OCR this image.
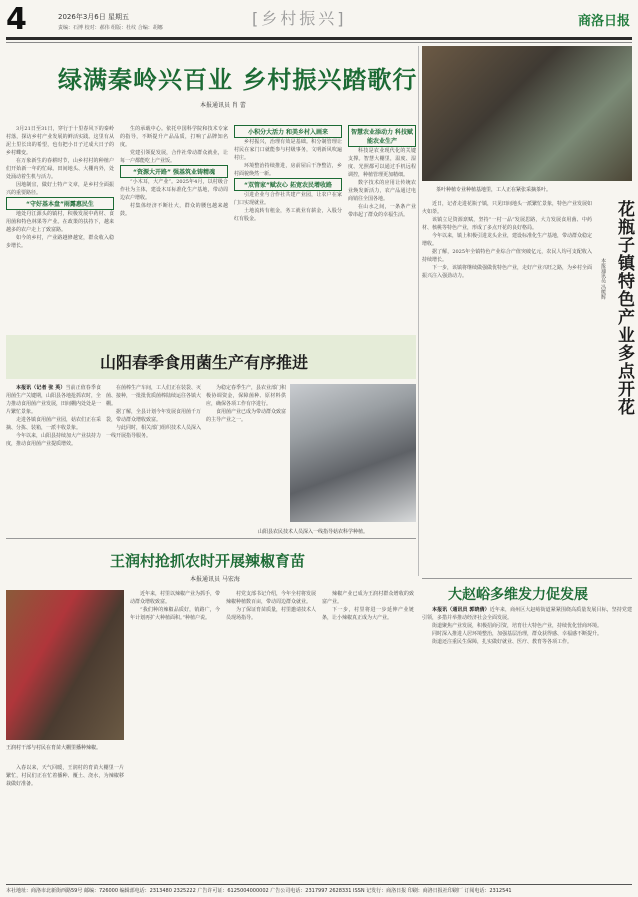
4	2026年3月6日 星期五
责编：石博 校对：郝伟 组版：杜纹 合编：胡娜	[乡村振兴]	商洛日报
绿满秦岭兴百业 乡村振兴踏歌行
本报通讯员 肖 蕾

3月21日至31日，穿行于十里春风下的秦岭村落，探访乡村产业发展的鲜活实践。这里有从泥土里长出的希望，也有把小日子过成大日子的乡村蝶变。

在万象新生的春耕时节，山乡村村的种植户们开始新一年的忙碌。田间地头、大棚内外，处处涌动着生机与活力。

因地制宜，做好土特产文章，是乡村全面振兴的重要路径。

“守好基本盘”雨露惠民生

地处丹江源头的镇村，积极发展中药材、食用菌和特色林果等产业。在政策的扶持下，越来越多的农户走上了致富路。

如今的乡村，产业路越修越宽，群众收入稳步增长。

生的承载中心。依托中国科学院和技术专家的指导，不断提升产品品质，打响了品牌知名度。

党建引领促发展，合作社带动群众就业，让每一户都能吃上产业饭。

“资源大开路” 强基筑业铸精魂

“小木耳，大产业”。2025年4月，以村级合作社为主体，建设木耳标准化生产基地，带动周边农户增收。

村集体经济不断壮大，群众的腰包越来越鼓。

小积分大活力 和美乡村入画来

乡村振兴，治理有效是基础。积分制管理让村民在家门口就能参与村级事务，文明新风吹遍村庄。

环境整治持续推进，房前屋后干净整洁，乡村面貌焕然一新。

“双管家”赋农心 拓宽农民增收路

引进企业与合作社共建产业园，让农户在家门口实现就业。

土地流转有租金，务工就业有薪金，入股分红有股金。

智慧农业添动力 科技赋能农业生产

科技是农业现代化的关键支撑。智慧大棚里，温度、湿度、光照都可以通过手机远程调控，种植管理更加精细。

数字技术的应用让传统农业焕发新活力，农产品通过电商销往全国各地。

在山水之间，一条条产业带串起了群众的幸福生活。

茶叶种植专业种植基地里，工人正在紧张采摘茶叶。
花瓶子镇特色产业多点开花
本报通讯员 冯熊辉

近日，记者走进花瓶子镇，只见田间地头一派繁忙景象，特色产业发展如火如荼。

该镇立足资源禀赋，坚持“一村一品”发展思路，大力发展食用菌、中药材、核桃等特色产业，形成了多点开花的良好格局。

今年以来，镇上积极引进龙头企业，建设标准化生产基地，带动群众稳定增收。

据了解，2025年全镇特色产业综合产值突破亿元，农民人均可支配收入持续增长。

下一步，该镇将继续做强做优特色产业，走好产业兴旺之路，为乡村全面振兴注入强劲动力。

山阳春季食用菌生产有序推进

本报讯（记者 张 英）当前正值春季食用菌生产关键期，山阳县各地抢抓农时，全力推动食用菌产业发展，田间棚内处处是一片繁忙景象。

走进各镇食用菌产业园，菇农们正在采摘、分拣、装箱，一派丰收景象。

今年以来，山阳县持续加大产业扶持力度，推动食用菌产业提质增效。

在菌棒生产车间，工人们正在装袋、灭菌、接种，一批批优质菌棒陆续运往各镇大棚。

据了解，全县计划今年发展食用菌千万袋，带动群众增收致富。

与此同时，相关部门组织技术人员深入一线开展指导服务。

为稳定春季生产，县农业部门积极协调资金，保障菌种、原材料供应，确保各项工作有序进行。

食用菌产业已成为带动群众致富的主导产业之一。

山阳县农民技术人员深入一线指导菇农科学种植。
大赵峪多维发力促发展

本报讯（通讯员 郭晓倩）近年来，商州区大赵峪街道紧紧围绕高质量发展目标，坚持党建引领，多措并举推动经济社会全面发展。

街道聚焦产业发展，积极招商引资，培育壮大特色产业，持续优化营商环境。

同时深入推进人居环境整治，加强基层治理，群众获得感、幸福感不断提升。

街道还注重民生保障，扎实做好就业、医疗、教育等各项工作。

王润村抢抓农时开展辣椒育苗
本报通讯员 马宏海
王润村干部与村民在育苗大棚里播种辣椒。

入春以来，天气回暖，王润村的育苗大棚里一片繁忙，村民们正在忙着播种、覆土、浇水，为辣椒移栽做好准备。

近年来，村里以辣椒产业为抓手，带动群众增收致富。

“我们种的辣椒品质好，销路广，今年计划再扩大种植面积。”种植户说。

村党支部书记介绍，今年全村将发展辣椒种植数百亩，带动周边群众就业。

为了保证育苗质量，村里邀请技术人员现场指导。

辣椒产业已成为王润村群众增收的致富产业。

下一步，村里将进一步延伸产业链条，让小辣椒真正成为大产业。

本社地址：商洛市北新街西路59号 邮编：726000 编辑部电话：2313480 2325222 广告许可证：6125004000002 广告公司电话：2317997 2628331 ISSN 记发行：商洛日报 印刷：商洛日报社印刷厂 订阅电话：2312541
